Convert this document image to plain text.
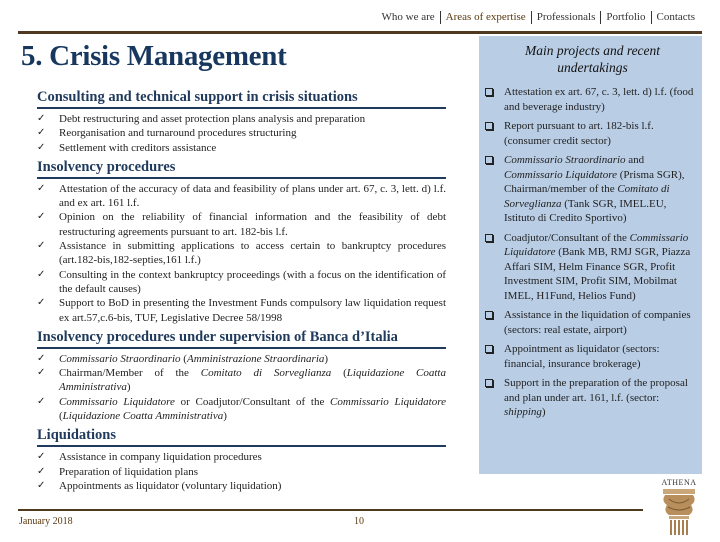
Who we are	Areas of expertise	Professionals	Portfolio	Contacts
5. Crisis Management
Consulting and technical support in crisis situations
✓ Debt restructuring and asset protection plans analysis and preparation
✓ Reorganisation and turnaround procedures structuring
✓ Settlement with creditors assistance
Insolvency procedures
✓ Attestation of the accuracy of data and feasibility of plans under art. 67, c. 3, lett. d) l.f. and ex art. 161 l.f.
✓ Opinion on the reliability of financial information and the feasibility of debt restructuring agreements pursuant to art. 182-bis l.f.
✓ Assistance in submitting applications to access certain to bankruptcy procedures (art.182-bis,182-septies,161 l.f.)
✓ Consulting in the context bankruptcy proceedings (with a focus on the identification of the default causes)
✓ Support to BoD in presenting the Investment Funds compulsory law liquidation request ex art.57,c.6-bis, TUF, Legislative Decree 58/1998
Insolvency procedures under supervision of Banca d’Italia
✓ Commissario Straordinario (Amministrazione Straordinaria)
✓ Chairman/Member of the Comitato di Sorveglianza (Liquidazione Coatta Amministrativa)
✓ Commissario Liquidatore or Coadjutor/Consultant of the Commissario Liquidatore (Liquidazione Coatta Amministrativa)
Liquidations
✓ Assistance in company liquidation procedures
✓ Preparation of liquidation plans
✓ Appointments as liquidator (voluntary liquidation)
Main projects and recent undertakings
Attestation ex art. 67, c. 3, lett. d) l.f. (food and beverage industry)
Report pursuant to art. 182-bis l.f. (consumer credit sector)
Commissario Straordinario and Commissario Liquidatore (Prisma SGR), Chairman/member of the Comitato di Sorveglianza (Tank SGR, IMEL.EU, Istituto di Credito Sportivo)
Coadjutor/Consultant of the Commissario Liquidatore (Bank MB, RMJ SGR, Piazza Affari SIM, Helm Finance SGR, Profit Investment SIM, Profit SIM, Mobilmat IMEL, H1Fund, Helios Fund)
Assistance in the liquidation of companies (sectors: real estate, airport)
Appointment as liquidator (sectors: financial, insurance brokerage)
Support in the preparation of the proposal and plan under art. 161, l.f. (sector: shipping)
January 2018	10
ATHENA
